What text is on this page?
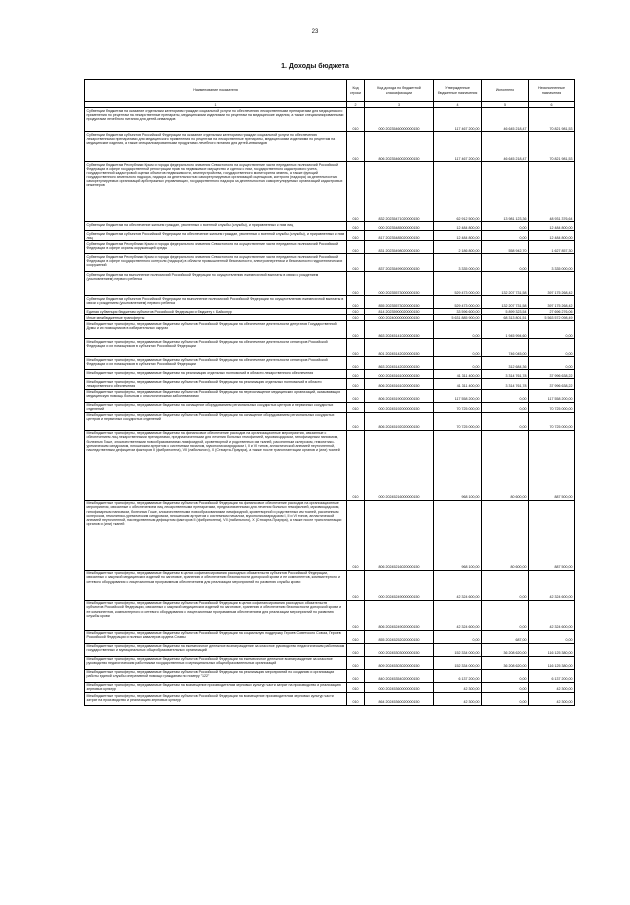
23
1. Доходы бюджета
Наименование показателя	Код строки	Код дохода по бюджетной классификации	Утвержденные бюджетные назначения	Исполнено	Неисполненные назначения
1	2	3	4	5	6
Субвенции бюджетам на оказание отдельным категориям граждан социальной услуги по обеспечению лекарственными препаратами для медицинского применения по рецептам на лекарственные препараты, медицинскими изделиями по рецептам на медицинские изделия, а также специализированными продуктами лечебного питания для детей-инвалидов	010	000 20235460000000150	117 467 200,00	46 645 218,47	70 821 981,53
Субвенции бюджетам субъектов Российской Федерации на оказание отдельным категориям граждан социальной услуги по обеспечению лекарственными препаратами для медицинского применения по рецептам на лекарственные препараты, медицинскими изделиями по рецептам на медицинские изделия, а также специализированными продуктами лечебного питания для детей-инвалидов	010	806 20235460020000150	117 467 200,00	46 645 218,47	70 821 981,53
Субвенции бюджетам Республики Крым и города федерального значения Севастополя на осуществление части переданных полномочий Российской Федерации в сфере государственной регистрации прав на недвижимое имущество и сделок с ним, государственного кадастрового учета, государственной кадастровой оценки объектов недвижимости, землеустройства, государственного мониторинга земель, а также функций государственного земельного надзора, надзора за деятельностью саморегулируемых организаций оценщиков, контроля (надзора) за деятельностью саморегулируемых организаций арбитражных управляющих, государственного надзора за деятельностью саморегулируемых организаций кадастровых инженеров	010	832 20235471020000150	62 912 500,00	13 981 123,36	48 931 376,64
Субвенции бюджетам на обеспечение жильем граждан, уволенных с военной службы (службы), и приравненных к ним лиц	010	000 20235485000000150	12 484 800,00	0,00	12 484 800,00
Субвенции бюджетам субъектов Российской Федерации на обеспечение жильем граждан, уволенных с военной службы (службы), и приравненных к ним лиц	010	817 20235485020000150	12 484 800,00	0,00	12 484 800,00
Субвенции бюджетам Республики Крым и города федерального значения Севастополя на осуществление части переданных полномочий Российской Федерации в сфере охраны окружающей среды	010	831 20235498020000150	2 186 800,00	558 942,70	1 627 857,30
Субвенции бюджетам Республики Крым и города федерального значения Севастополя на осуществление части переданных полномочий Российской Федерации в сфере государственного контроля (надзора) в области промышленной безопасности, электроэнергетики и безопасности гидротехнических сооружений	010	837 20235499020000150	3 335 000,00	0,00	3 335 000,00
Субвенции бюджетам на выполнение полномочий Российской Федерации по осуществлению ежемесячной выплаты в связи с рождением (усыновлением) первого ребенка	010	000 20235573000000150	529 473 000,00	132 207 731,58	397 175 268,42
Субвенции бюджетам субъектов Российской Федерации на выполнение полномочий Российской Федерации по осуществлению ежемесячной выплаты в связи с рождением (усыновлением) первого ребенка	010	855 20235573020000150	529 473 000,00	132 207 731,58	397 175 268,42
Единая субвенция бюджетам субъектов Российской Федерации и бюджету г. Байконур	010	814 20235900020000150	33 596 600,00	5 899 323,54	27 696 276,06
Иные межбюджетные трансферты	010	000 20240000000000150	5 631 885 900,00	68 313 801,51	5 563 572 098,49
Межбюджетные трансферты, передаваемые бюджетам субъектов Российской Федерации на обеспечение деятельности депутатов Государственной Думы и их помощников в избирательных округах	010	863 20245141020000150	0,00	1 945 994,60	0,00
Межбюджетные трансферты, передаваемые бюджетам субъектов Российской Федерации на обеспечение деятельности сенаторов Российской Федерации и их помощников в субъектах Российской Федерации	010	801 20245142020000150	0,00	746 045,00	0,00
Межбюджетные трансферты, передаваемые бюджетам субъектов Российской Федерации на обеспечение деятельности сенаторов Российской Федерации и их помощников в субъектах Российской Федерации	010	863 20245142020000150	0,00	312 684,36	0,00
Межбюджетные трансферты, передаваемые бюджетам на реализацию отдельных полномочий в области лекарственного обеспечения	010	000 20245161000000150	41 311 400,00	3 314 761,78	37 996 638,22
Межбюджетные трансферты, передаваемые бюджетам субъектов Российской Федерации на реализацию отдельных полномочий в области лекарственного обеспечения	010	806 20245161020000150	41 311 400,00	3 314 761,78	37 996 638,22
Межбюджетные трансферты, передаваемые бюджетам субъектов Российской Федерации на переоснащение медицинских организаций, оказывающих медицинскую помощь больным с онкологическими заболеваниями	010	806 20245190020000150	117 558 200,00	0,00	117 558 200,00
Межбюджетные трансферты, передаваемые бюджетам на оснащение оборудованием региональных сосудистых центров и первичных сосудистых отделений	010	000 20245192000000150	70 725 000,00	0,00	70 725 000,00
Межбюджетные трансферты, передаваемые бюджетам субъектов Российской Федерации на оснащение оборудованием региональных сосудистых центров и первичных сосудистых отделений	010	806 20245192020000150	70 725 000,00	0,00	70 725 000,00
Межбюджетные трансферты, передаваемые бюджетам на финансовое обеспечение расходов на организационные мероприятия, связанные с обеспечением лиц лекарственными препаратами, предназначенными для лечения больных гемофилией, муковисцидозом, гипофизарным нанизмом, болезнью Гоше, злокачественными новообразованиями лимфоидной, кроветворной и родственных им тканей, рассеянным склерозом, гемолитико-уремическим синдромом, юношеским артритом с системным началом, мукополисахаридозом I, II и VI типов, апластической анемией неуточненной, наследственным дефицитом факторов II (фибриногена), VII (лабильного), X (Стюарта-Прауэра), а также после трансплантации органов и (или) тканей	010	000 20245216000000150	968 100,00	80 600,00	887 500,00
Межбюджетные трансферты, передаваемые бюджетам субъектов Российской Федерации на финансовое обеспечение расходов на организационные мероприятия, связанные с обеспечением лиц лекарственными препаратами, предназначенными для лечения больных гемофилией, муковисцидозом, гипофизарным нанизмом, болезнью Гоше, злокачественными новообразованиями лимфоидной, кроветворной и родственных им тканей, рассеянным склерозом, гемолитико-уремическим синдромом, юношеским артритом с системным началом, мукополисахаридозом I, II и VI типов, апластической анемией неуточненной, наследственным дефицитом факторов II (фибриногена), VII (лабильного), X (Стюарта-Прауэра), а также после трансплантации органов и (или) тканей	010	806 20245216020000150	968 100,00	80 600,00	887 500,00
Межбюджетные трансферты, передаваемые бюджетам в целях софинансирования расходных обязательств субъектов Российской Федерации, связанных с закупкой медицинских изделий по заготовке, хранению и обеспечению безопасности донорской крови и ее компонентов, компьютерного и сетевого оборудования с лицензионным программным обеспечением для реализации мероприятий по развитию службы крови	010	000 20245249000000150	42 324 600,00	0,00	42 324 600,00
Межбюджетные трансферты, передаваемые бюджетам субъектов Российской Федерации в целях софинансирования расходных обязательств субъектов Российской Федерации, связанных с закупкой медицинских изделий по заготовке, хранению и обеспечению безопасности донорской крови и ее компонентов, компьютерного и сетевого оборудования с лицензионным программным обеспечением для реализации мероприятий по развитию службы крови	010	806 20245249020000150	42 324 600,00	0,00	42 324 600,00
Межбюджетные трансферты, передаваемые бюджетам субъектов Российской Федерации на социальную поддержку Героев Советского Союза, Героев Российской Федерации и полных кавалеров ордена Славы	010	855 20245252020000150	0,00	687,00	0,00
Межбюджетные трансферты, передаваемые бюджетам на ежемесячное денежное вознаграждение за классное руководство педагогическим работникам государственных и муниципальных общеобразовательных организаций	010	000 20245303000000150	152 334 000,00	36 208 620,00	116 125 380,00
Межбюджетные трансферты, передаваемые бюджетам субъектов Российской Федерации на ежемесячное денежное вознаграждение за классное руководство педагогическим работникам государственных и муниципальных общеобразовательных организаций	010	809 20245303020000150	152 334 000,00	36 208 620,00	116 125 380,00
Межбюджетные трансферты, передаваемые бюджетам субъектов Российской Федерации на реализацию мероприятий по созданию и организации работы единой службы оперативной помощи гражданам по номеру "122"	010	840 20245354020000150	6 137 200,00	0,00	6 137 200,00
Межбюджетные трансферты, передаваемые бюджетам на возмещение производителям зерновых культур части затрат на производство и реализацию зерновых культур	010	000 20245360000000150	42 300,00	0,00	42 300,00
Межбюджетные трансферты, передаваемые бюджетам субъектов Российской Федерации на возмещение производителям зерновых культур части затрат на производство и реализацию зерновых культур	010	864 20245360020000150	42 300,00	0,00	42 300,00
